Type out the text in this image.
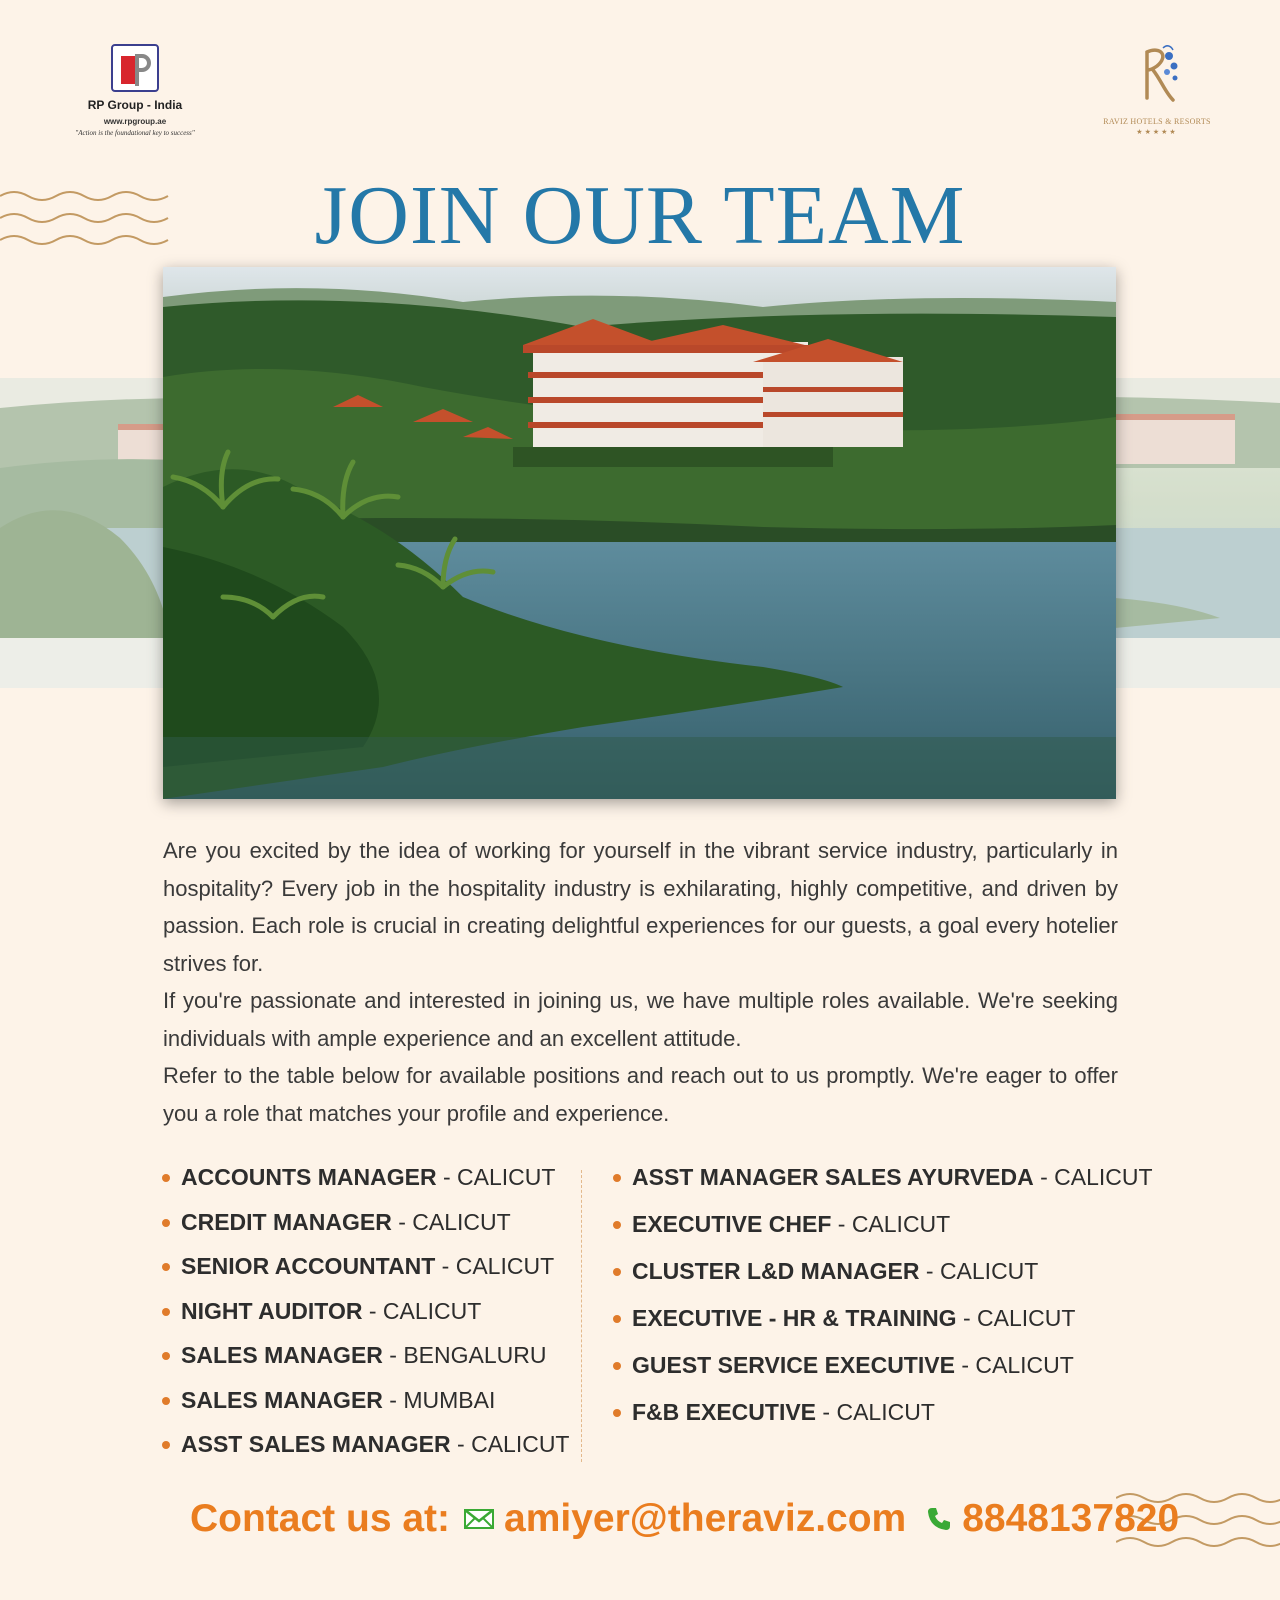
RP Group - India
www.rpgroup.ae
"Action is the foundational key to success"
RAVIZ HOTELS & RESORTS
★★★★★
JOIN OUR TEAM

Are you excited by the idea of working for yourself in the vibrant service industry, particularly in hospitality? Every job in the hospitality industry is exhilarating, highly competitive, and driven by passion. Each role is crucial in creating delightful experiences for our guests, a goal every hotelier strives for.

If you're passionate and interested in joining us, we have multiple roles available. We're seeking individuals with ample experience and an excellent attitude.

Refer to the table below for available positions and reach out to us promptly. We're eager to offer you a role that matches your profile and experience.

ACCOUNTS MANAGER - CALICUT
CREDIT MANAGER - CALICUT
SENIOR ACCOUNTANT - CALICUT
NIGHT AUDITOR - CALICUT
SALES MANAGER - BENGALURU
SALES MANAGER - MUMBAI
ASST SALES MANAGER - CALICUT
ASST MANAGER SALES AYURVEDA - CALICUT
EXECUTIVE CHEF - CALICUT
CLUSTER L&D MANAGER - CALICUT
EXECUTIVE - HR & TRAINING - CALICUT
GUEST SERVICE EXECUTIVE - CALICUT
F&B EXECUTIVE - CALICUT
Contact us at: amiyer@theraviz.com 8848137820
